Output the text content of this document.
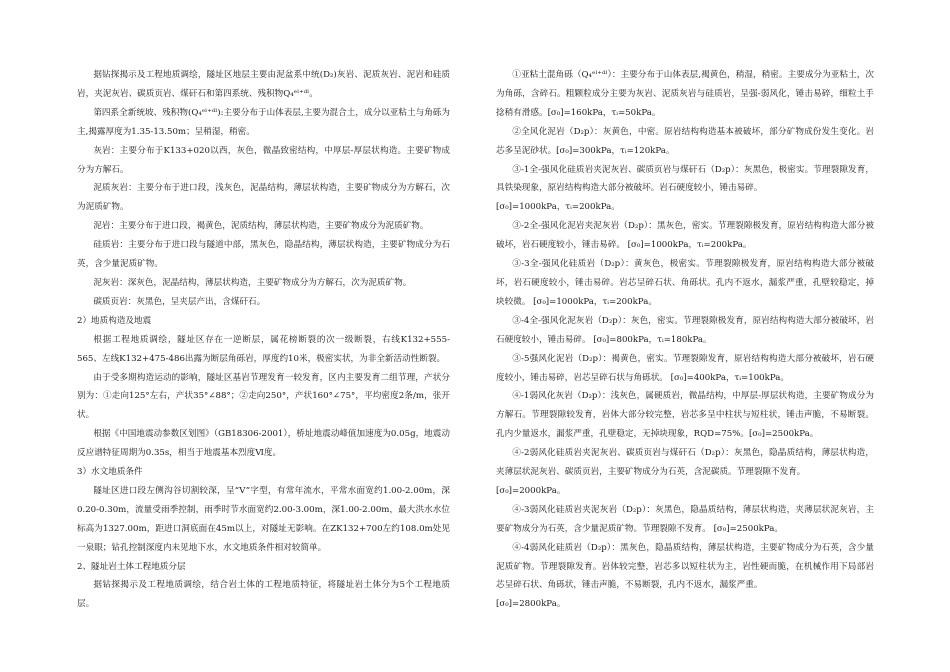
据钻探揭示及工程地质调绘，隧址区地层主要由泥盆系中统(D₂)灰岩、泥质灰岩、泥岩和硅质岩，夹泥灰岩、碳质页岩、煤矸石和第四系统、残积物Q₄ᵉˡ⁺ᵈˡ。

第四系全新统坡、残积物(Q₄ᵉˡ⁺ᵈˡ):主要分布于山体表层,主要为混合土，成分以亚粘土与角砾为主,揭露厚度为1.35-13.50m；呈稍湿，稍密。

灰岩：主要分布于K133+020以西，灰色，微晶致密结构，中厚层-厚层状构造。主要矿物成分为方解石。

泥质灰岩：主要分布于进口段，浅灰色，泥晶结构，薄层状构造，主要矿物成分为方解石，次为泥质矿物。

泥岩：主要分布于进口段，褐黄色，泥质结构，薄层状构造，主要矿物成分为泥质矿物。

硅质岩：主要分布于进口段与隧道中部，黑灰色，隐晶结构，薄层状构造，主要矿物成分为石英，含少量泥质矿物。

泥灰岩：深灰色，泥晶结构，薄层状构造，主要矿物成分为方解石，次为泥质矿物。

碳质页岩：灰黑色，呈夹层产出，含煤矸石。

2）地质构造及地震

根据工程地质调绘，隧址区存在一逆断层，属花榜断裂的次一级断裂，右线K132+555-565、左线K132+475-486出露为断层角砾岩，厚度约10米，极密实状，为非全新活动性断裂。

由于受多期构造运动的影响，隧址区基岩节理发育一较发育，区内主要发育二组节理，产状分别为：①走向125°左右，产状35°∠88°；②走向250°，产状160°∠75°，平均密度2条/m，张开状。

根据《中国地震动参数区划图》（GB18306-2001），桥址地震动峰值加速度为0.05g，地震动反应谱特征周期为0.35s，相当于地震基本烈度Ⅵ度。

3）水文地质条件

隧址区进口段左侧沟谷切割较深，呈“V”字型，有常年流水，平常水面宽约1.00-2.00m，深0.20-0.30m，流量受雨季控制，雨季时节水面宽约2.00-3.00m，深1.00-2.00m，最大洪水水位标高为1327.00m，距进口洞底面在45m以上，对隧址无影响。在ZK132+700左约108.0m处见一泉眼；钻孔控制深度内未见地下水，水文地质条件相对较简单。

2、隧址岩土体工程地质分层

据钻探揭示及工程地质调绘，结合岩土体的工程地质特征，将隧址岩土体分为5个工程地质层。

①亚粘土混角砾（Q₄ᵉˡ⁺ᵈˡ）：主要分布于山体表层,褐黄色，稍湿，稍密。主要成分为亚粘土，次为角砾，含碎石。粗颗粒成分主要为灰岩、泥质灰岩与硅质岩，呈强-弱风化，锤击易碎，细粒土手捻稍有滑感。[σ₀]=160kPa，τᵢ=50kPa。

②全风化泥岩（D₂p）：灰黄色，中密。原岩结构构造基本被破坏，部分矿物成份发生变化。岩芯多呈泥砂状。[σ₀]=300kPa，τᵢ=120kPa。

③-1全-强风化硅质岩夹泥灰岩、碳质页岩与煤矸石（D₂p）：灰黑色，极密实。节理裂隙发育，具铁染现象，原岩结构构造大部分被破坏。岩石硬度较小，锤击易碎。

[σ₀]=1000kPa，τᵢ=200kPa。

③-2全-强风化泥岩夹泥灰岩（D₂p）：黑灰色，密实。节理裂隙极发育，原岩结构构造大部分被破坏，岩石硬度较小，锤击易碎。 [σ₀]=1000kPa，τᵢ=200kPa。

③-3全-强风化硅质岩（D₂p）：黄灰色，极密实。节理裂隙极发育，原岩结构构造大部分被破坏，岩石硬度较小，锤击易碎。岩芯呈碎石状、角砾状。孔内不返水，漏浆严重，孔壁较稳定，掉块较微。 [σ₀]=1000kPa，τᵢ=200kPa。

③-4全-强风化泥灰岩（D₂p）：灰色，密实。节理裂隙极发育，原岩结构构造大部分被破坏，岩石硬度较小，锤击易碎。 [σ₀]=800kPa，τᵢ=180kPa。

③-5强风化泥岩（D₂p）：褐黄色，密实。节理裂隙发育，原岩结构构造大部分被破坏，岩石硬度较小，锤击易碎，岩芯呈碎石状与角砾状。 [σ₀]=400kPa，τᵢ=100kPa。

④-1弱风化灰岩（D₂p）：浅灰色，属硬质岩，微晶结构，中厚层-厚层状构造，主要矿物成分为方解石。节理裂隙较发育，岩体大部分较完整，岩芯多呈中柱状与短柱状，锤击声脆，不易断裂。孔内少量返水，漏浆严重，孔壁稳定，无掉块现象，RQD=75%。[σ₀]=2500kPa。

④-2弱风化硅质岩夹泥灰岩、碳质页岩与煤矸石（D₂p）：灰黑色，隐晶质结构，薄层状构造，夹薄层状泥灰岩、碳质页岩，主要矿物成分为石英，含泥碳质。节理裂隙不发育。

[σ₀]=2000kPa。

④-3弱风化硅质岩夹泥灰岩（D₂p）：灰黑色，隐晶质结构，薄层状构造，夹薄层状泥灰岩，主要矿物成分为石英，含少量泥质矿物。节理裂隙不发育。 [σ₀]=2500kPa。

④-4弱风化硅质岩（D₂p）：黑灰色，隐晶质结构，薄层状构造，主要矿物成分为石英，含少量泥质矿物。节理裂隙发育。岩体较完整，岩芯多以短柱状为主，岩性硬而脆，在机械作用下局部岩芯呈碎石状、角砾状，锤击声脆，不易断裂，孔内不返水，漏浆严重。

[σ₀]=2800kPa。
